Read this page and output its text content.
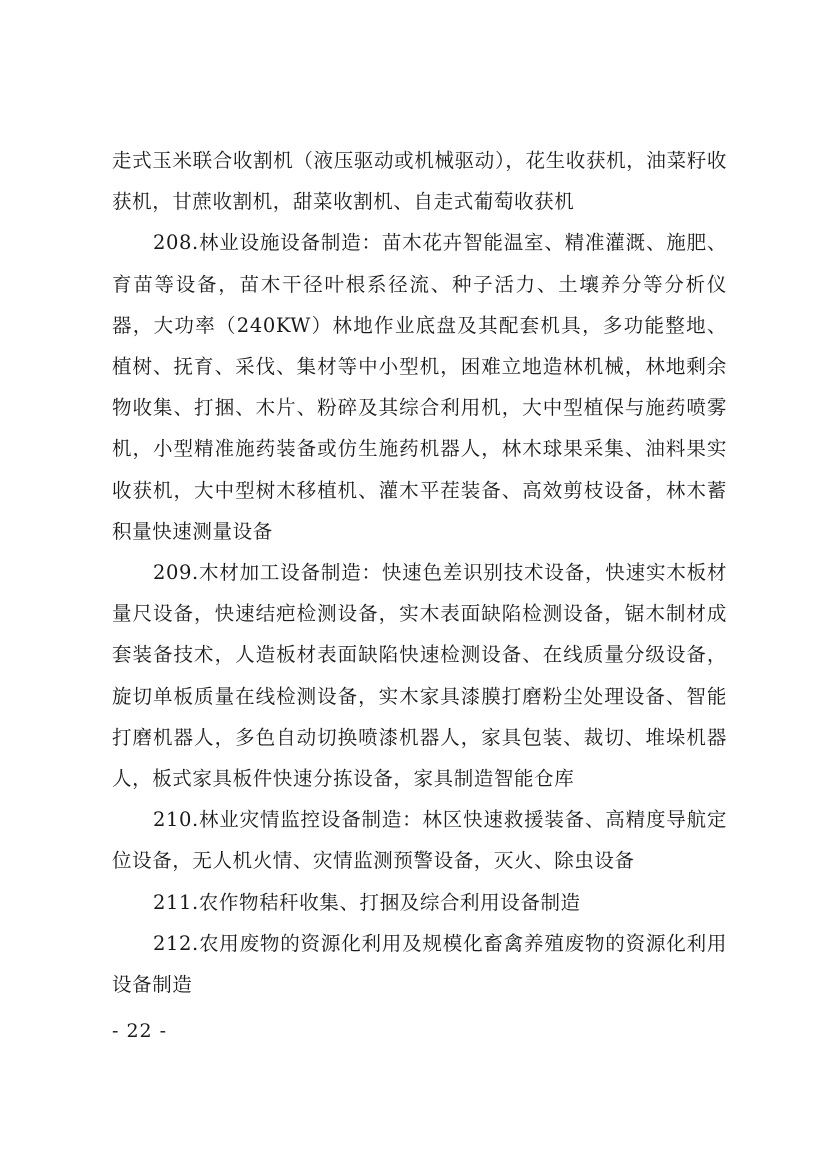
走式玉米联合收割机（液压驱动或机械驱动），花生收获机，油菜籽收获机，甘蔗收割机，甜菜收割机、自走式葡萄收获机

208.林业设施设备制造：苗木花卉智能温室、精准灌溉、施肥、育苗等设备，苗木干径叶根系径流、种子活力、土壤养分等分析仪器，大功率（240KW）林地作业底盘及其配套机具，多功能整地、植树、抚育、采伐、集材等中小型机，困难立地造林机械，林地剩余物收集、打捆、木片、粉碎及其综合利用机，大中型植保与施药喷雾机，小型精准施药装备或仿生施药机器人，林木球果采集、油料果实收获机，大中型树木移植机、灌木平茬装备、高效剪枝设备，林木蓄积量快速测量设备

209.木材加工设备制造：快速色差识别技术设备，快速实木板材量尺设备，快速结疤检测设备，实木表面缺陷检测设备，锯木制材成套装备技术，人造板材表面缺陷快速检测设备、在线质量分级设备，旋切单板质量在线检测设备，实木家具漆膜打磨粉尘处理设备、智能打磨机器人，多色自动切换喷漆机器人，家具包装、裁切、堆垛机器人，板式家具板件快速分拣设备，家具制造智能仓库

210.林业灾情监控设备制造：林区快速救援装备、高精度导航定位设备，无人机火情、灾情监测预警设备，灭火、除虫设备

211.农作物秸秆收集、打捆及综合利用设备制造

212.农用废物的资源化利用及规模化畜禽养殖废物的资源化利用设备制造

- 22 -
